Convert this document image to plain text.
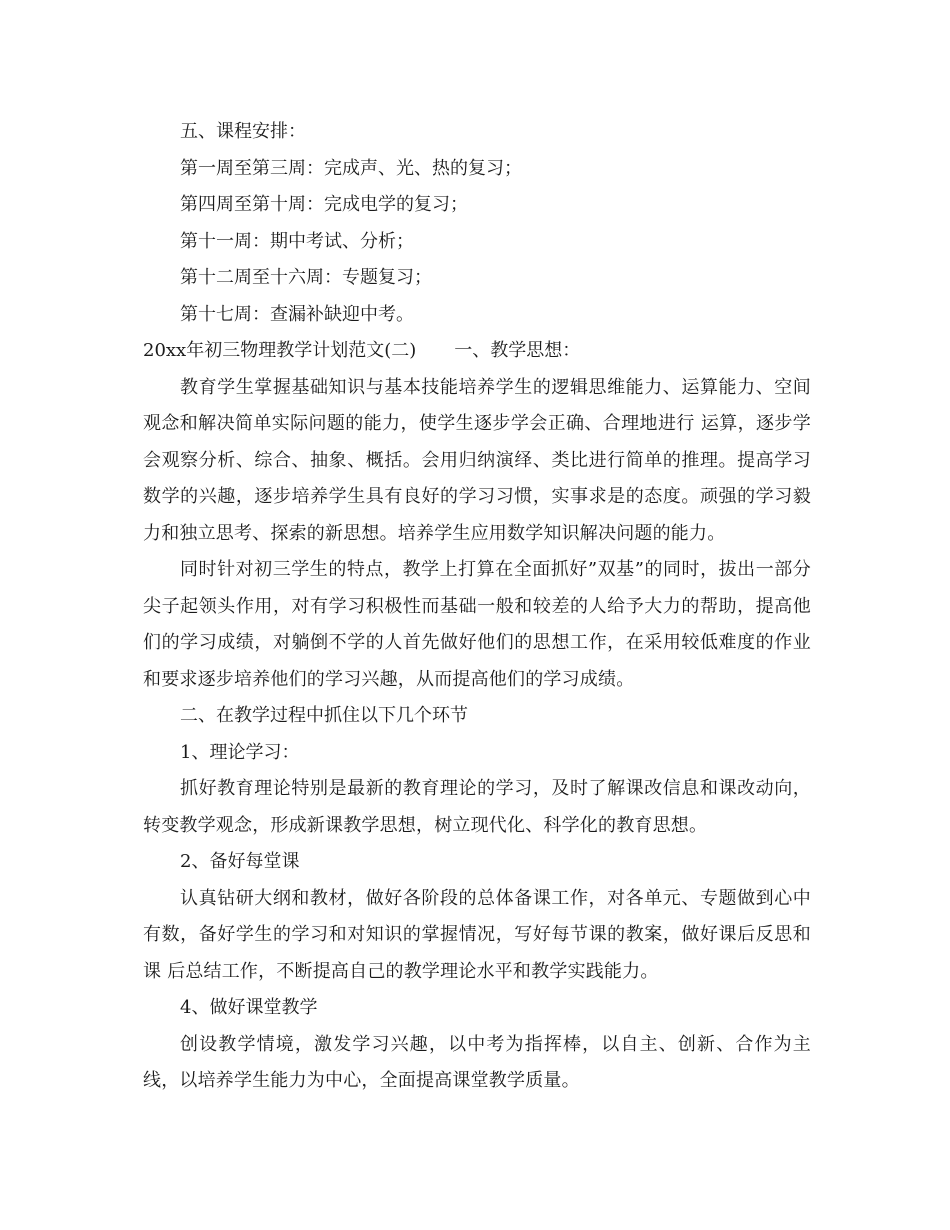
五、课程安排：

第一周至第三周：完成声、光、热的复习；

第四周至第十周：完成电学的复习；

第十一周：期中考试、分析；

第十二周至十六周：专题复习；

第十七周：查漏补缺迎中考。

20xx年初三物理教学计划范文(二) 一、教学思想：

教育学生掌握基础知识与基本技能培养学生的逻辑思维能力、运算能力、空间观念和解决简单实际问题的能力，使学生逐步学会正确、合理地进行 运算，逐步学会观察分析、综合、抽象、概括。会用归纳演绎、类比进行简单的推理。提高学习数学的兴趣，逐步培养学生具有良好的学习习惯，实事求是的态度。顽强的学习毅力和独立思考、探索的新思想。培养学生应用数学知识解决问题的能力。

同时针对初三学生的特点，教学上打算在全面抓好”双基”的同时，拔出一部分尖子起领头作用，对有学习积极性而基础一般和较差的人给予大力的帮助，提高他们的学习成绩，对躺倒不学的人首先做好他们的思想工作，在采用较低难度的作业和要求逐步培养他们的学习兴趣，从而提高他们的学习成绩。

二、在教学过程中抓住以下几个环节

1、理论学习：

抓好教育理论特别是最新的教育理论的学习，及时了解课改信息和课改动向，转变教学观念，形成新课教学思想，树立现代化、科学化的教育思想。

2、备好每堂课

认真钻研大纲和教材，做好各阶段的总体备课工作，对各单元、专题做到心中有数，备好学生的学习和对知识的掌握情况，写好每节课的教案，做好课后反思和课 后总结工作，不断提高自己的教学理论水平和教学实践能力。

4、做好课堂教学

创设教学情境，激发学习兴趣，以中考为指挥棒，以自主、创新、合作为主线，以培养学生能力为中心，全面提高课堂教学质量。
